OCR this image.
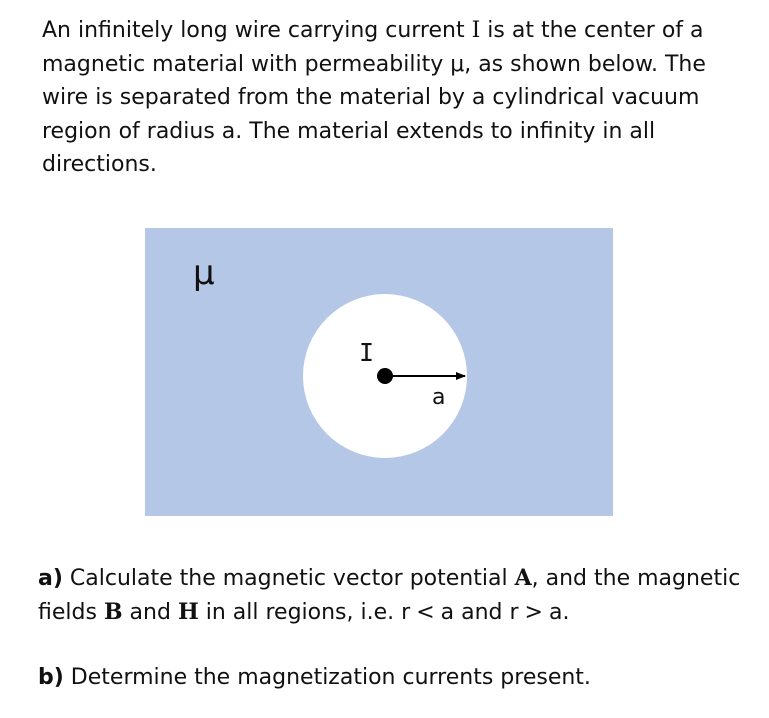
An infinitely long wire carrying current I is at the center of a magnetic material with permeability μ, as shown below. The wire is separated from the material by a cylindrical vacuum region of radius a. The material extends to infinity in all directions.

μ
I
a

a) Calculate the magnetic vector potential A, and the magnetic fields B and H in all regions, i.e. r < a and r > a.

b) Determine the magnetization currents present.
